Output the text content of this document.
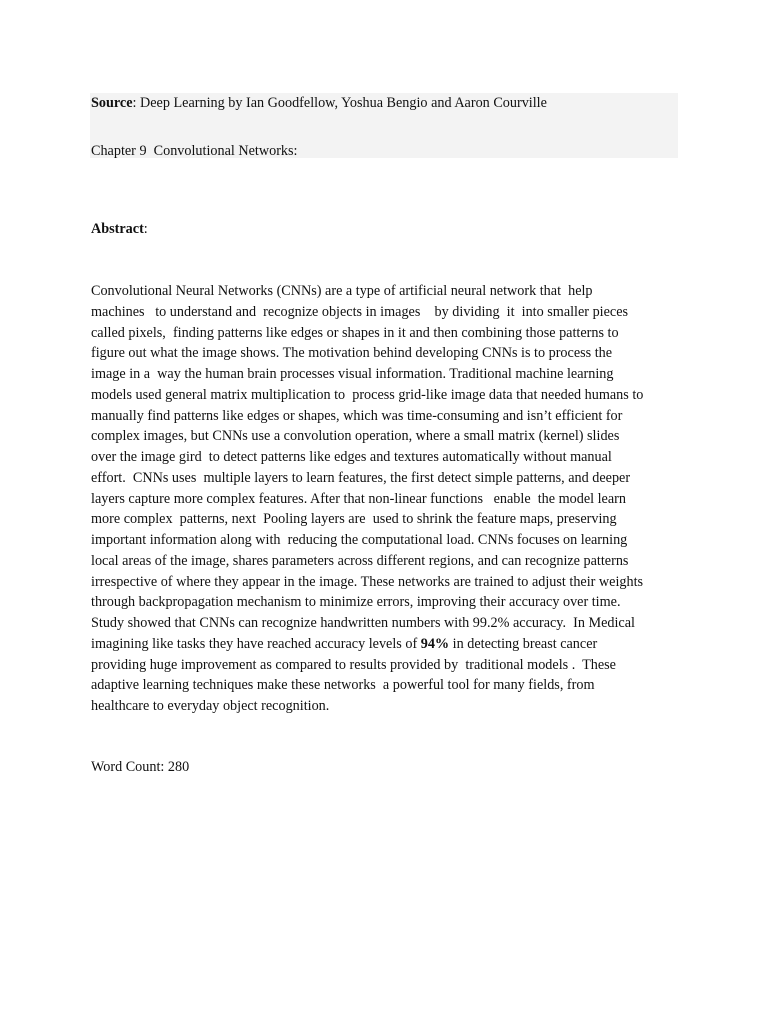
Source: Deep Learning by Ian Goodfellow, Yoshua Bengio and Aaron Courville
Chapter 9  Convolutional Networks:
Abstract:
Convolutional Neural Networks (CNNs) are a type of artificial neural network that  help
machines   to understand and  recognize objects in images    by dividing  it  into smaller pieces
called pixels,  finding patterns like edges or shapes in it and then combining those patterns to
figure out what the image shows. The motivation behind developing CNNs is to process the
image in a  way the human brain processes visual information. Traditional machine learning
models used general matrix multiplication to  process grid-like image data that needed humans to
manually find patterns like edges or shapes, which was time-consuming and isn’t efficient for
complex images, but CNNs use a convolution operation, where a small matrix (kernel) slides
over the image gird  to detect patterns like edges and textures automatically without manual
effort.  CNNs uses  multiple layers to learn features, the first detect simple patterns, and deeper
layers capture more complex features. After that non-linear functions   enable  the model learn
more complex  patterns, next  Pooling layers are  used to shrink the feature maps, preserving
important information along with  reducing the computational load. CNNs focuses on learning
local areas of the image, shares parameters across different regions, and can recognize patterns
irrespective of where they appear in the image. These networks are trained to adjust their weights
through backpropagation mechanism to minimize errors, improving their accuracy over time.
Study showed that CNNs can recognize handwritten numbers with 99.2% accuracy.  In Medical
imagining like tasks they have reached accuracy levels of 94% in detecting breast cancer
providing huge improvement as compared to results provided by  traditional models .  These
adaptive learning techniques make these networks  a powerful tool for many fields, from
healthcare to everyday object recognition.
Word Count: 280
